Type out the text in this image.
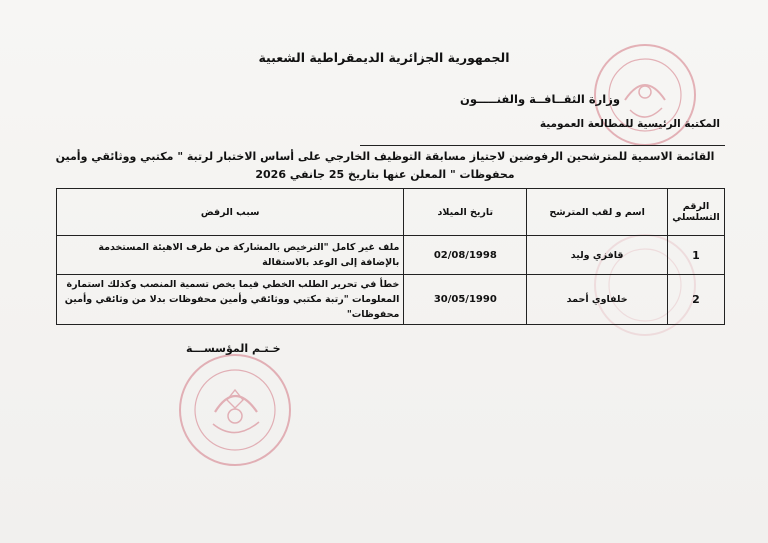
الجمهورية الجزائرية الديمقراطية الشعبية
وزارة الثقــافــة والفنـــــون
المكتبة الرئيسية للمطالعة العمومية
القائمة الاسمية للمترشحين الرفوضين لاجتياز مسابقة التوظيف الخارجي على أساس الاختبار لرتبة " مكتبي ووثائقي وأمين محفوظات " المعلن عنها بتاريخ 25 جانفي 2026
الرقم التسلسلي	اسم و لقب المترشح	تاريخ الميلاد	سبب الرفض
1	قافزي وليد	02/08/1998	ملف غير كامل "الترخيص بالمشاركة من طرف الاهيئة المستخدمة بالإضافة إلى الوعد بالاستقالة
2	خلفاوي أحمد	30/05/1990	خطأ في تحرير الطلب الخطي فيما يخص تسمية المنصب وكذلك استمارة المعلومات "رتبة مكتبي ووثائقي وأمين محفوظات بدلا من وثائقي وأمين محفوظات"
خـتـم المؤسســـة
